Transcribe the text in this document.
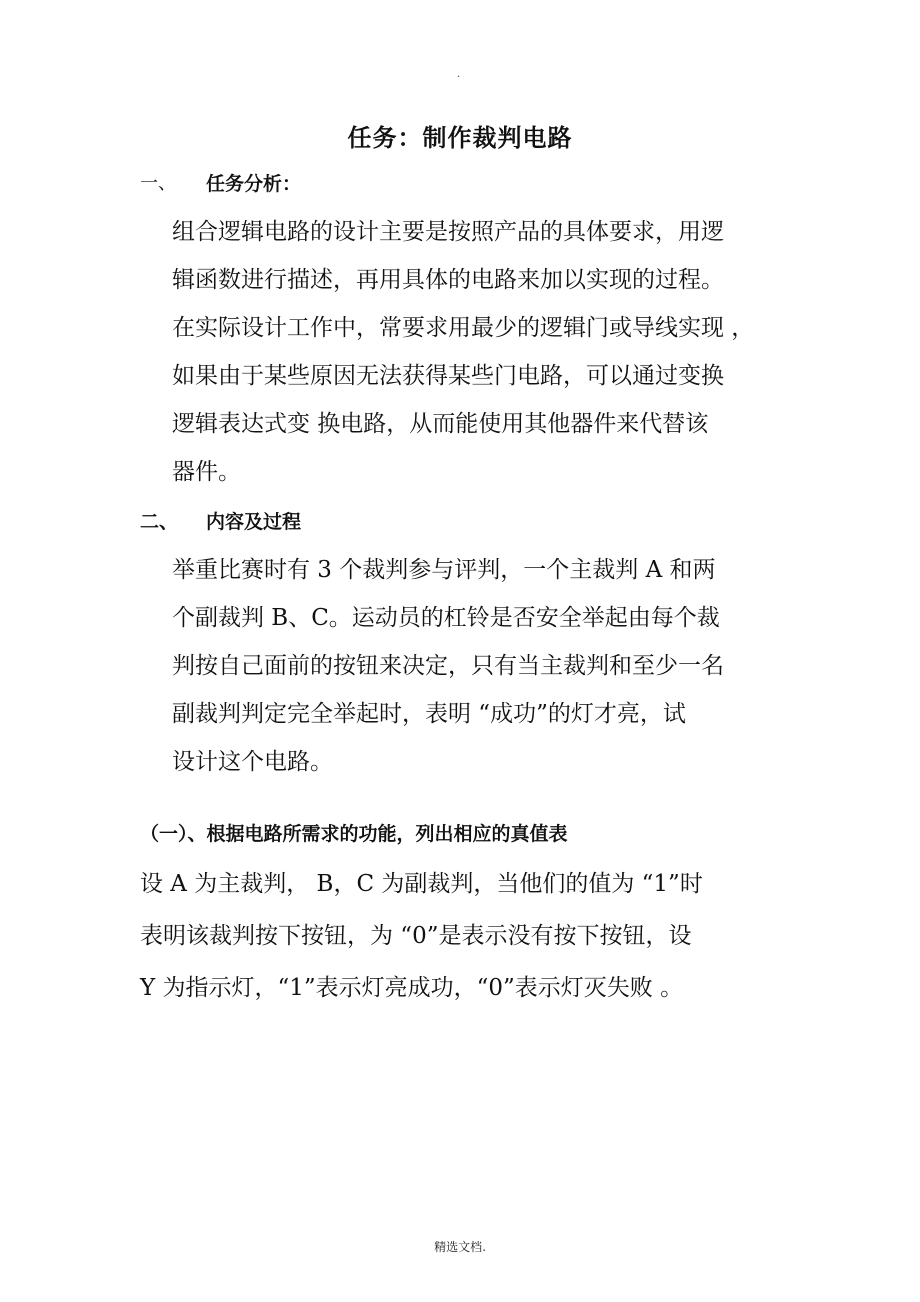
.
任务：制作裁判电路
一、 任务分析：
组合逻辑电路的设计主要是按照产品的具体要求，用逻
辑函数进行描述，再用具体的电路来加以实现的过程。
在实际设计工作中，常要求用最少的逻辑门或导线实现 ，
如果由于某些原因无法获得某些门电路，可以通过变换
逻辑表达式变 换电路，从而能使用其他器件来代替该
器件。
二、 内容及过程
举重比赛时有 3 个裁判参与评判，一个主裁判 A 和两
个副裁判 B、C。运动员的杠铃是否安全举起由每个裁
判按自己面前的按钮来决定，只有当主裁判和至少一名
副裁判判定完全举起时，表明 “成功”的灯才亮，试
设计这个电路。
（一）、根据电路所需求的功能，列出相应的真值表
设 A 为主裁判， B，C 为副裁判，当他们的值为 “1”时
表明该裁判按下按钮，为 “0”是表示没有按下按钮，设
Y 为指示灯，“1”表示灯亮成功，“0”表示灯灭失败 。
精选文档.
